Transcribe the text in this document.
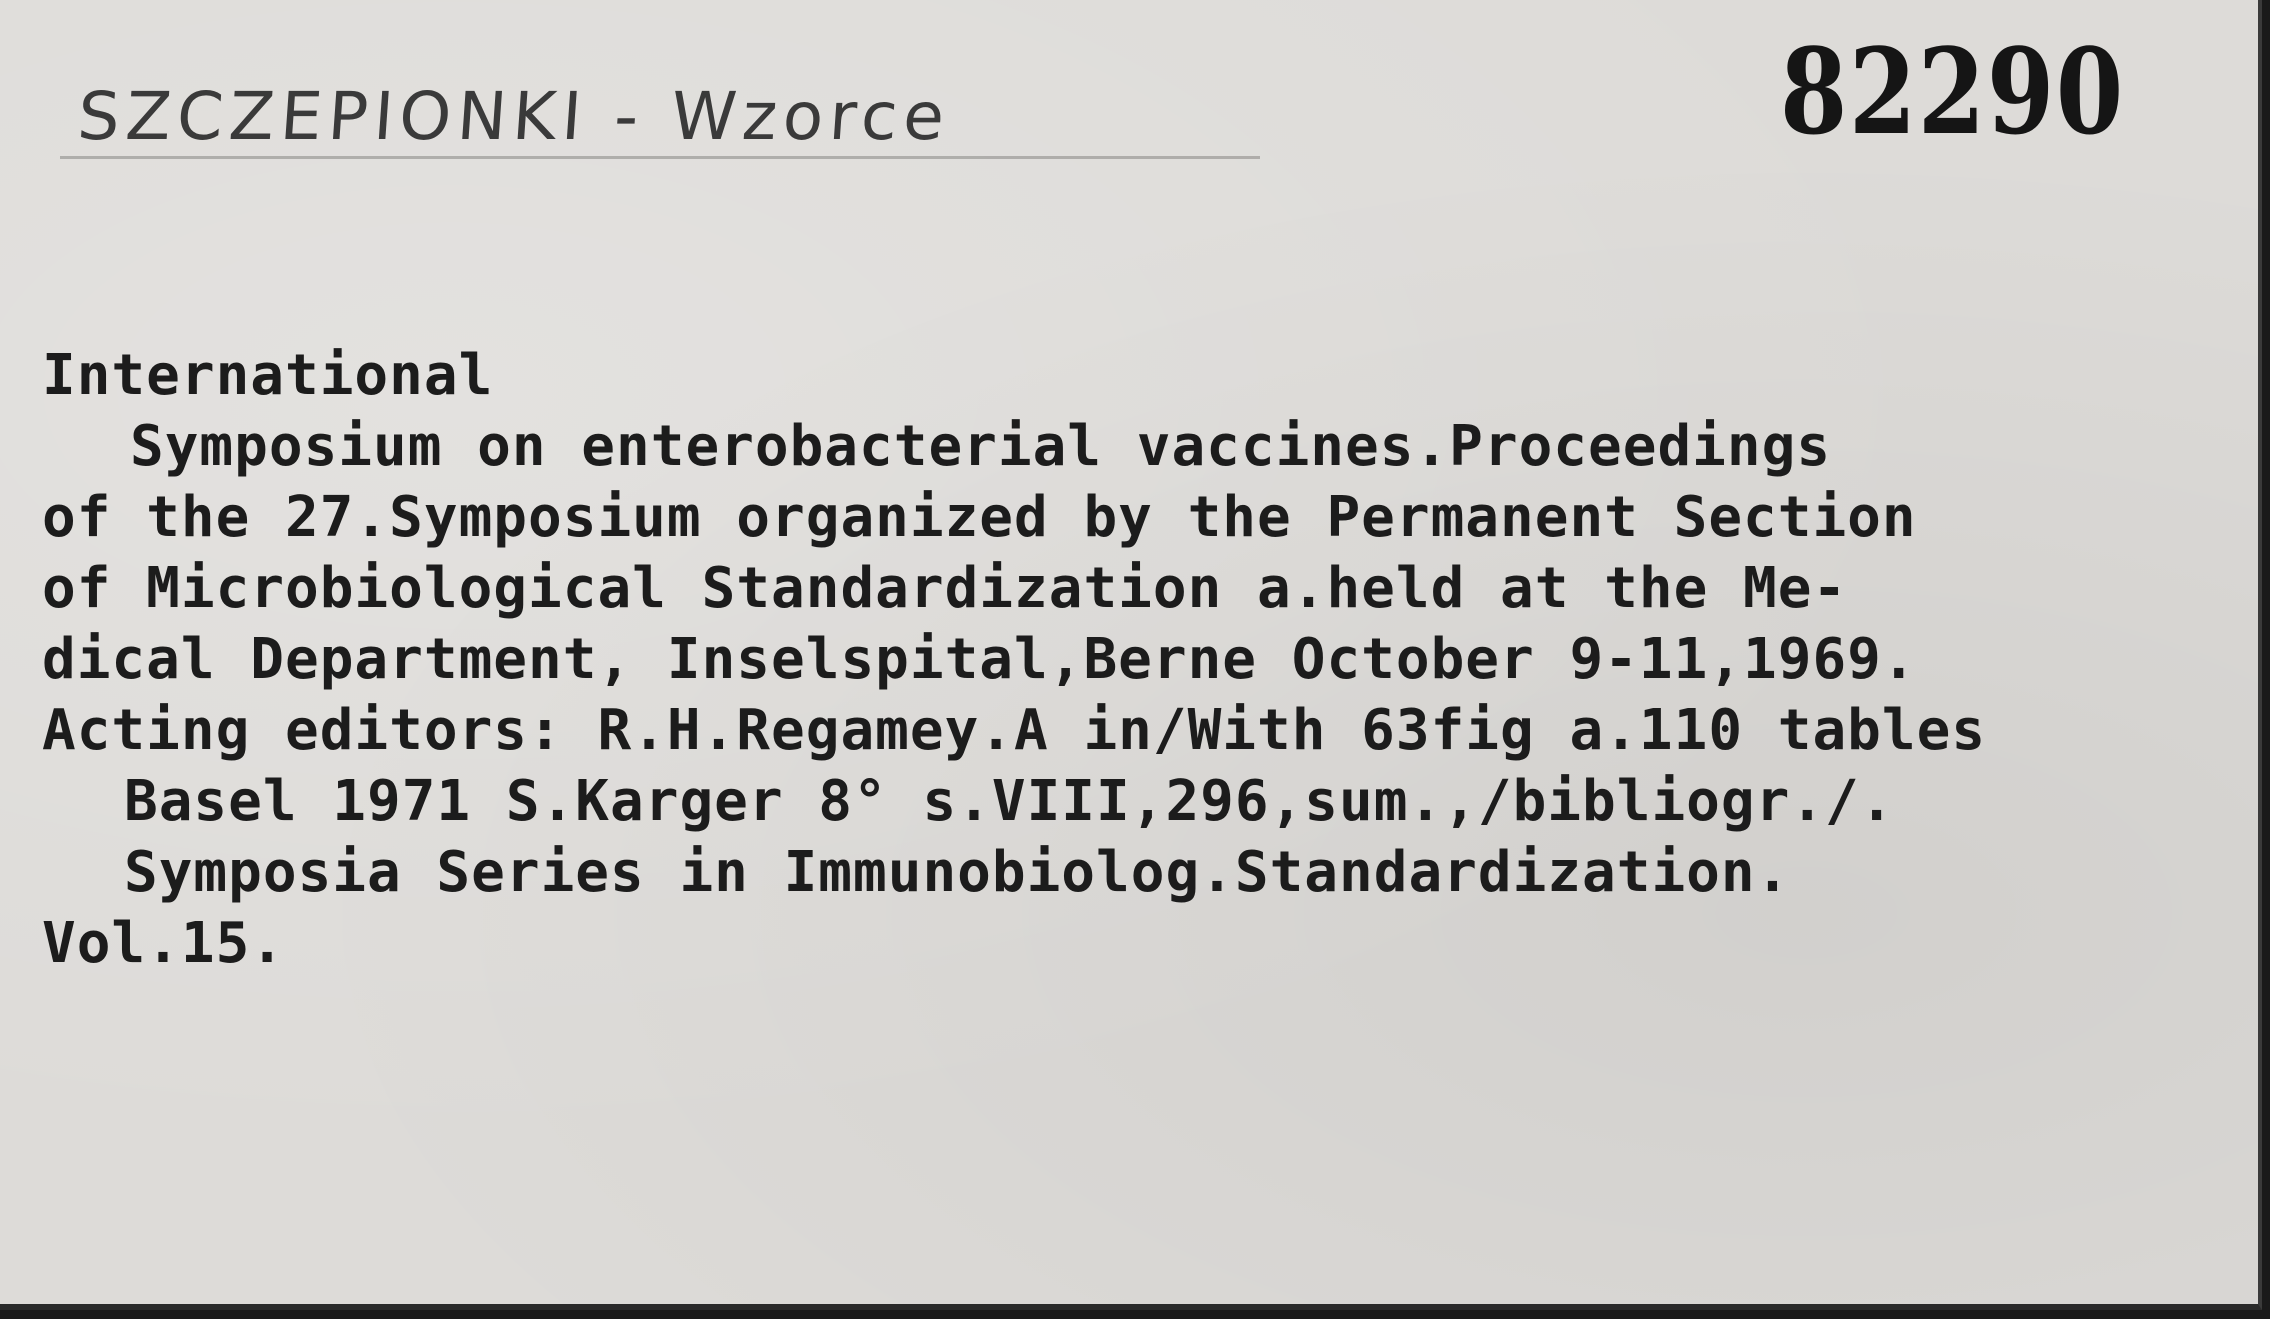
SZCZEPIONKI - Wzorce	82290
International
Symposium on enterobacterial vaccines.Proceedings
of the 27.Symposium organized by the Permanent Section
of Microbiological Standardization a.held at the Me-
dical Department, Inselspital,Berne October 9-11,1969.
Acting editors: R.H.Regamey.A in/With 63fig a.110 tables
Basel 1971 S.Karger 8° s.VIII,296,sum.,/bibliogr./.
Symposia Series in Immunobiolog.Standardization.
Vol.15.
